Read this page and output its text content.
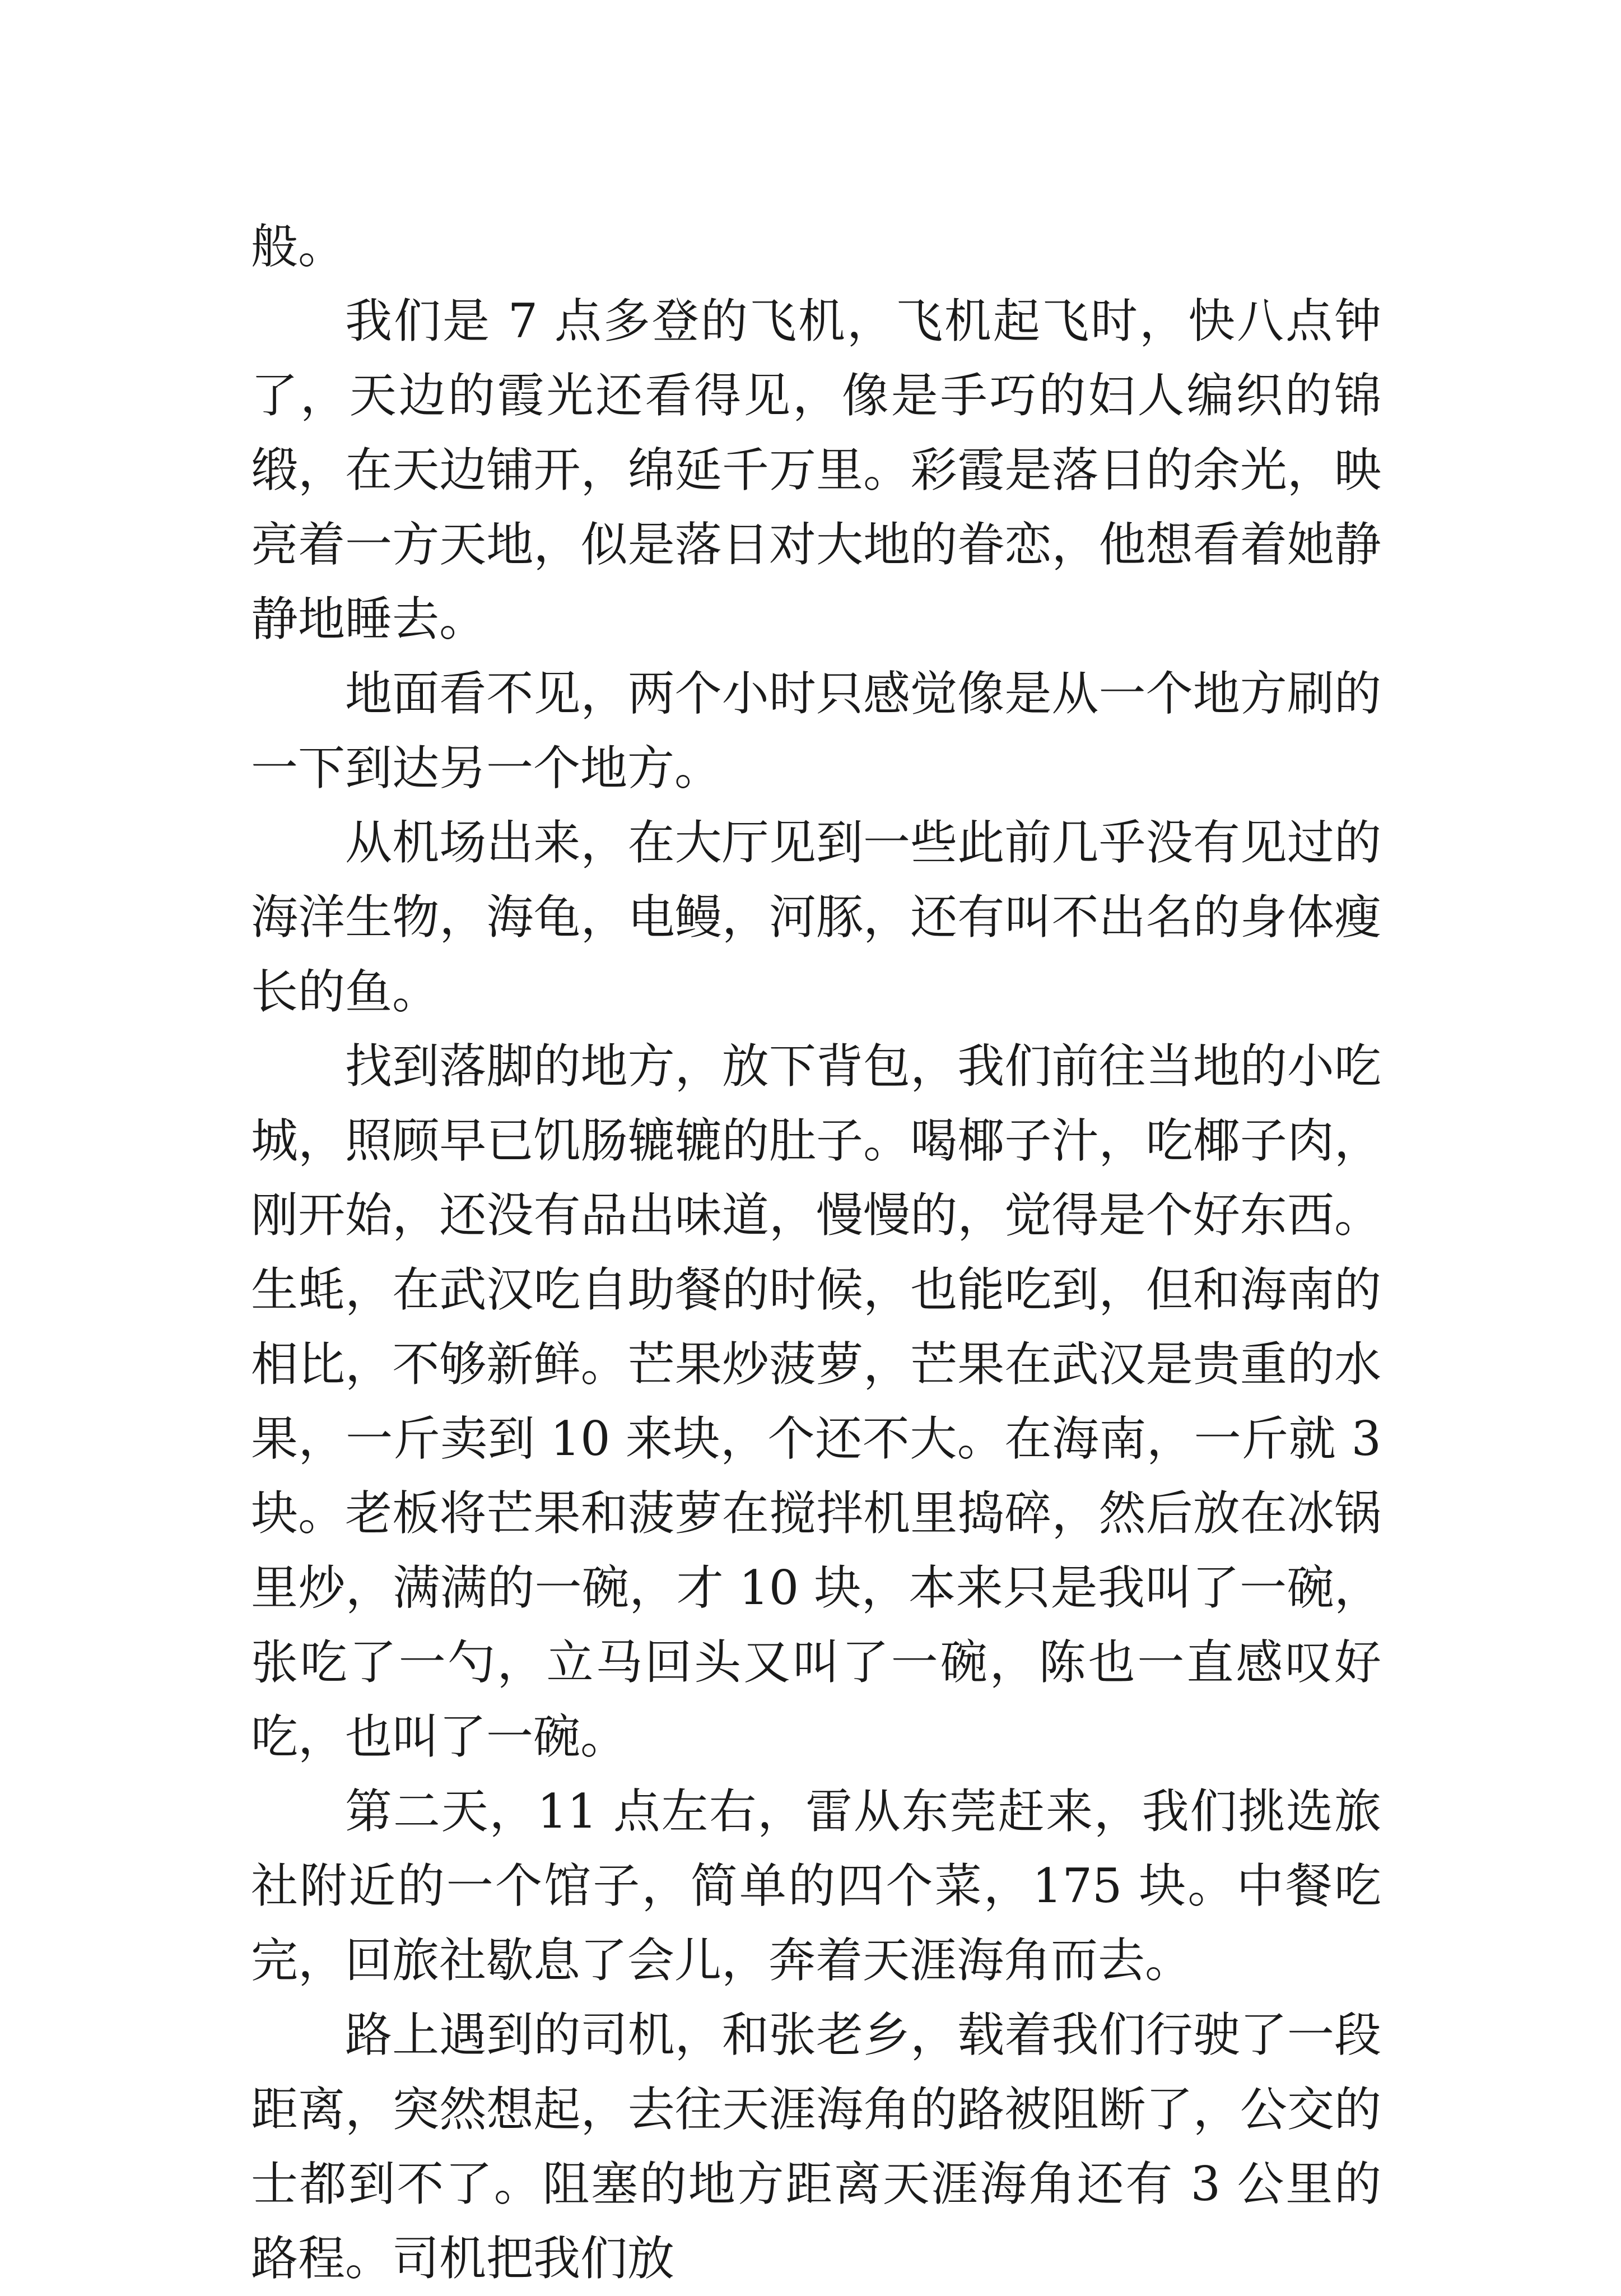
般。

我们是 7 点多登的飞机，飞机起飞时，快八点钟了，天边的霞光还看得见，像是手巧的妇人编织的锦缎，在天边铺开，绵延千万里。彩霞是落日的余光，映亮着一方天地，似是落日对大地的眷恋，他想看着她静静地睡去。

地面看不见，两个小时只感觉像是从一个地方刷的一下到达另一个地方。

从机场出来，在大厅见到一些此前几乎没有见过的海洋生物，海龟，电鳗，河豚，还有叫不出名的身体瘦长的鱼。

找到落脚的地方，放下背包，我们前往当地的小吃城，照顾早已饥肠辘辘的肚子。喝椰子汁，吃椰子肉，刚开始，还没有品出味道，慢慢的，觉得是个好东西。生蚝，在武汉吃自助餐的时候，也能吃到，但和海南的相比，不够新鲜。芒果炒菠萝，芒果在武汉是贵重的水果，一斤卖到 10 来块，个还不大。在海南，一斤就 3 块。老板将芒果和菠萝在搅拌机里捣碎，然后放在冰锅里炒，满满的一碗，才 10 块，本来只是我叫了一碗，张吃了一勺，立马回头又叫了一碗，陈也一直感叹好吃，也叫了一碗。

第二天，11 点左右，雷从东莞赶来，我们挑选旅社附近的一个馆子，简单的四个菜，175 块。中餐吃完，回旅社歇息了会儿，奔着天涯海角而去。

路上遇到的司机，和张老乡，载着我们行驶了一段距离，突然想起，去往天涯海角的路被阻断了，公交的士都到不了。阻塞的地方距离天涯海角还有 3 公里的路程。司机把我们放
